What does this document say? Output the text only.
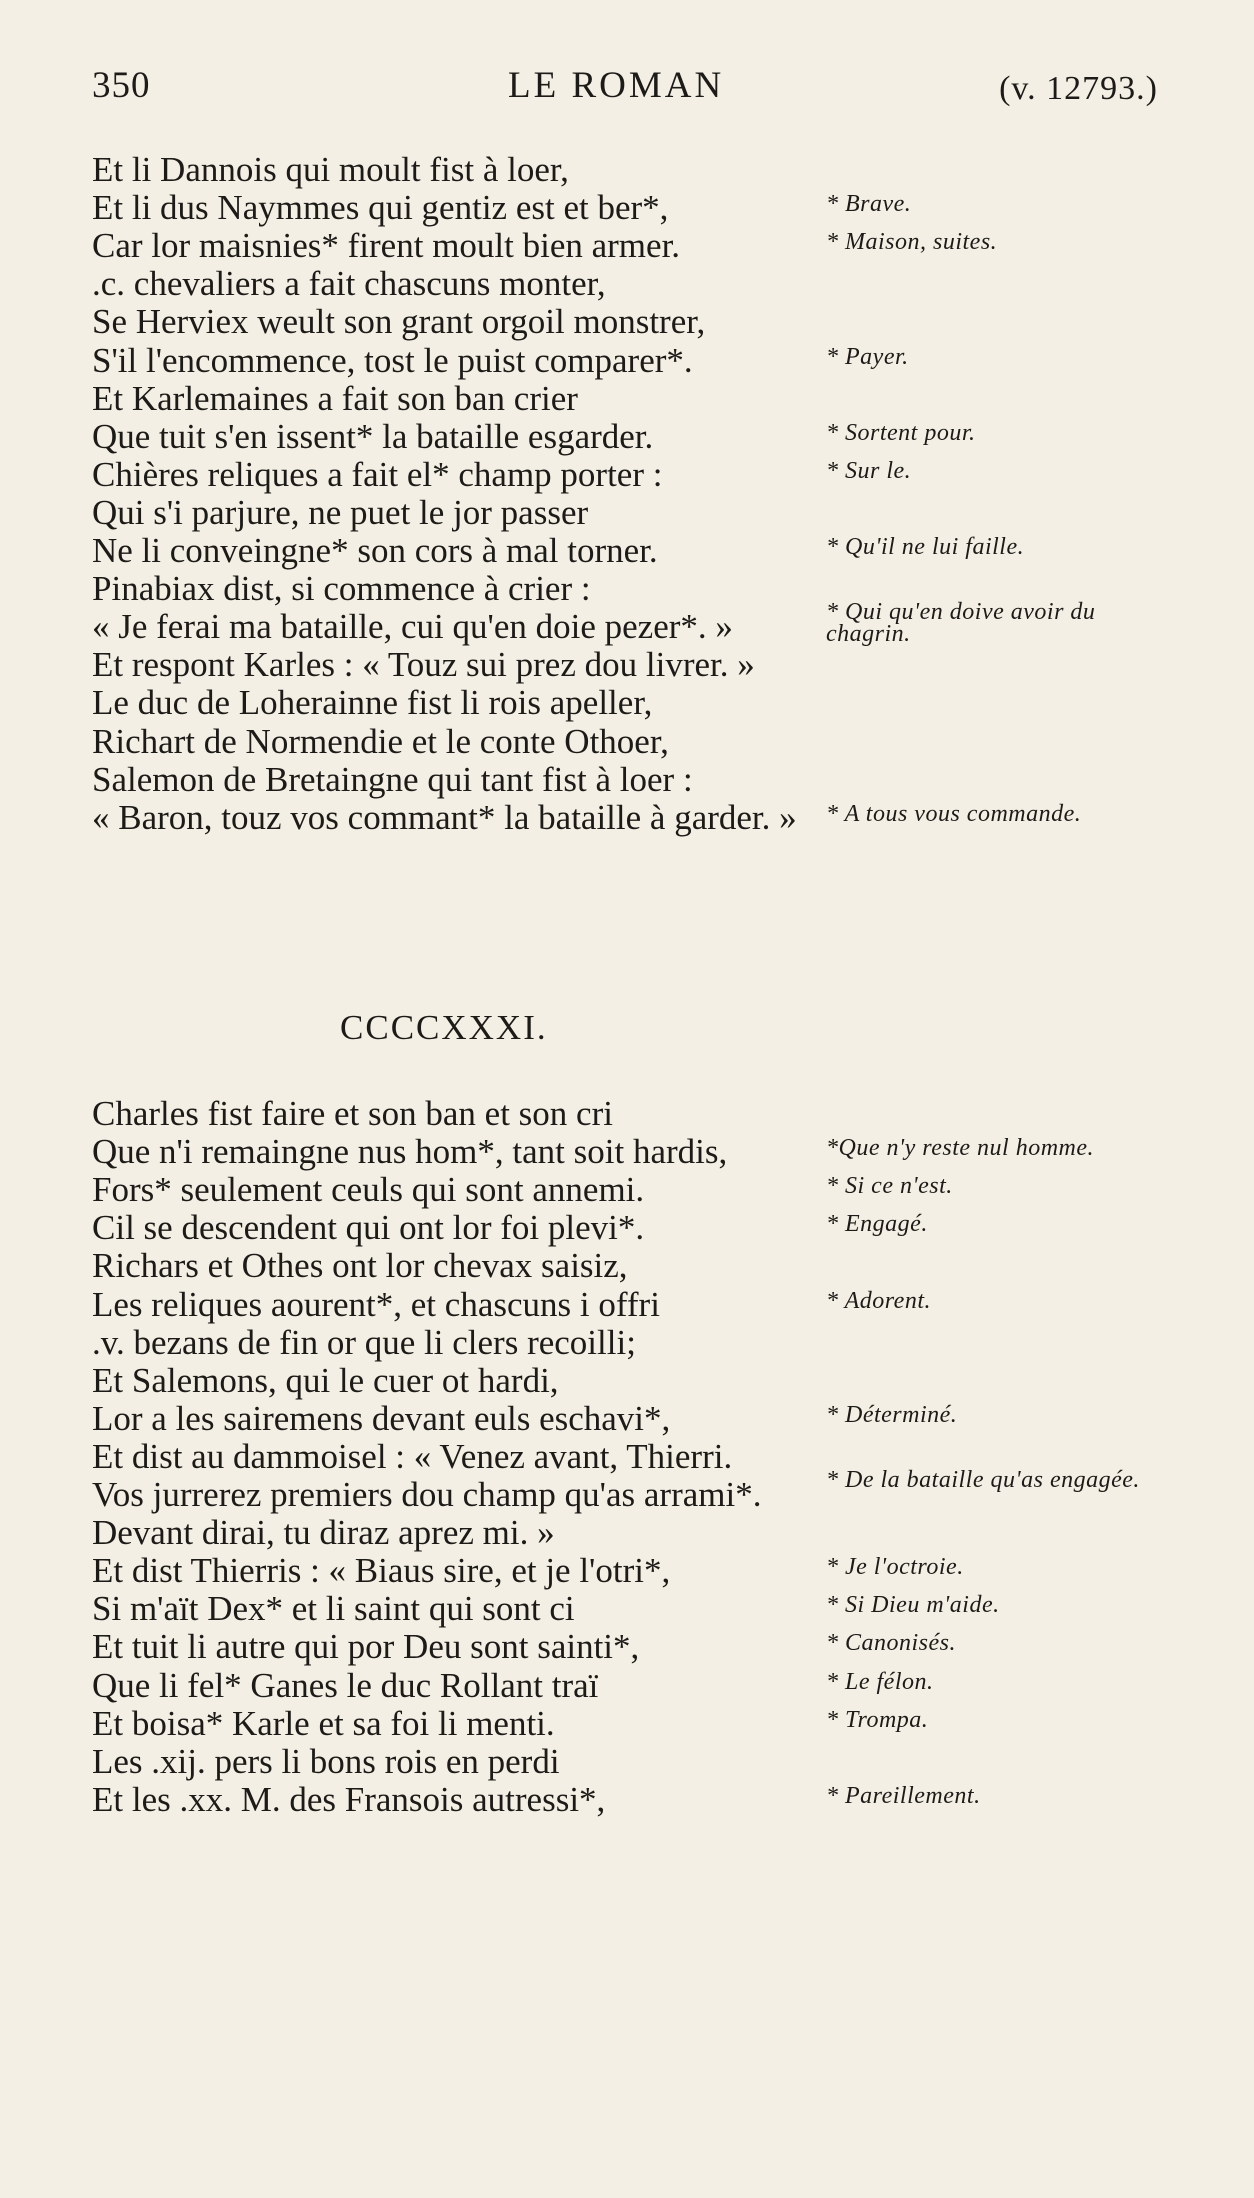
350	LE ROMAN	(v. 12793.)
Et li Dannois qui moult fist à loer,
Et li dus Naymmes qui gentiz est et ber*,	* Brave.
Car lor maisnies* firent moult bien armer.	* Maison, suites.
.c. chevaliers a fait chascuns monter,
Se Herviex weult son grant orgoil monstrer,
S'il l'encommence, tost le puist comparer*.	* Payer.
Et Karlemaines a fait son ban crier
Que tuit s'en issent* la bataille esgarder.	* Sortent pour.
Chières reliques a fait el* champ porter :	* Sur le.
Qui s'i parjure, ne puet le jor passer
Ne li conveingne* son cors à mal torner.	* Qu'il ne lui faille.
Pinabiax dist, si commence à crier :
« Je ferai ma bataille, cui qu'en doie pezer*. »	* Qui qu'en doive avoir du chagrin.
Et respont Karles : « Touz sui prez dou livrer. »
Le duc de Loherainne fist li rois apeller,
Richart de Normendie et le conte Othoer,
Salemon de Bretaingne qui tant fist à loer :
« Baron, touz vos commant* la bataille à garder. » * A tous vous commande.
CCCCXXXI.
Charles fist faire et son ban et son cri
Que n'i remaingne nus hom*, tant soit hardis,	*Que n'y reste nul homme.
Fors* seulement ceuls qui sont annemi.	* Si ce n'est.
Cil se descendent qui ont lor foi plevi*.	* Engagé.
Richars et Othes ont lor chevax saisiz,
Les reliques aourent*, et chascuns i offri	* Adorent.
.v. bezans de fin or que li clers recoilli;
Et Salemons, qui le cuer ot hardi,
Lor a les sairemens devant euls eschavi*,	* Déterminé.
Et dist au dammoisel : « Venez avant, Thierri.
Vos jurrerez premiers dou champ qu'as arrami*.	* De la bataille qu'as engagée.
Devant dirai, tu diraz aprez mi. »
Et dist Thierris : « Biaus sire, et je l'otri*,	* Je l'octroie.
Si m'aït Dex* et li saint qui sont ci	* Si Dieu m'aide.
Et tuit li autre qui por Deu sont sainti*,	* Canonisés.
Que li fel* Ganes le duc Rollant traï	* Le félon.
Et boisa* Karle et sa foi li menti.	* Trompa.
Les .xij. pers li bons rois en perdi
Et les .xx. M. des Fransois autressi*,	* Pareillement.
